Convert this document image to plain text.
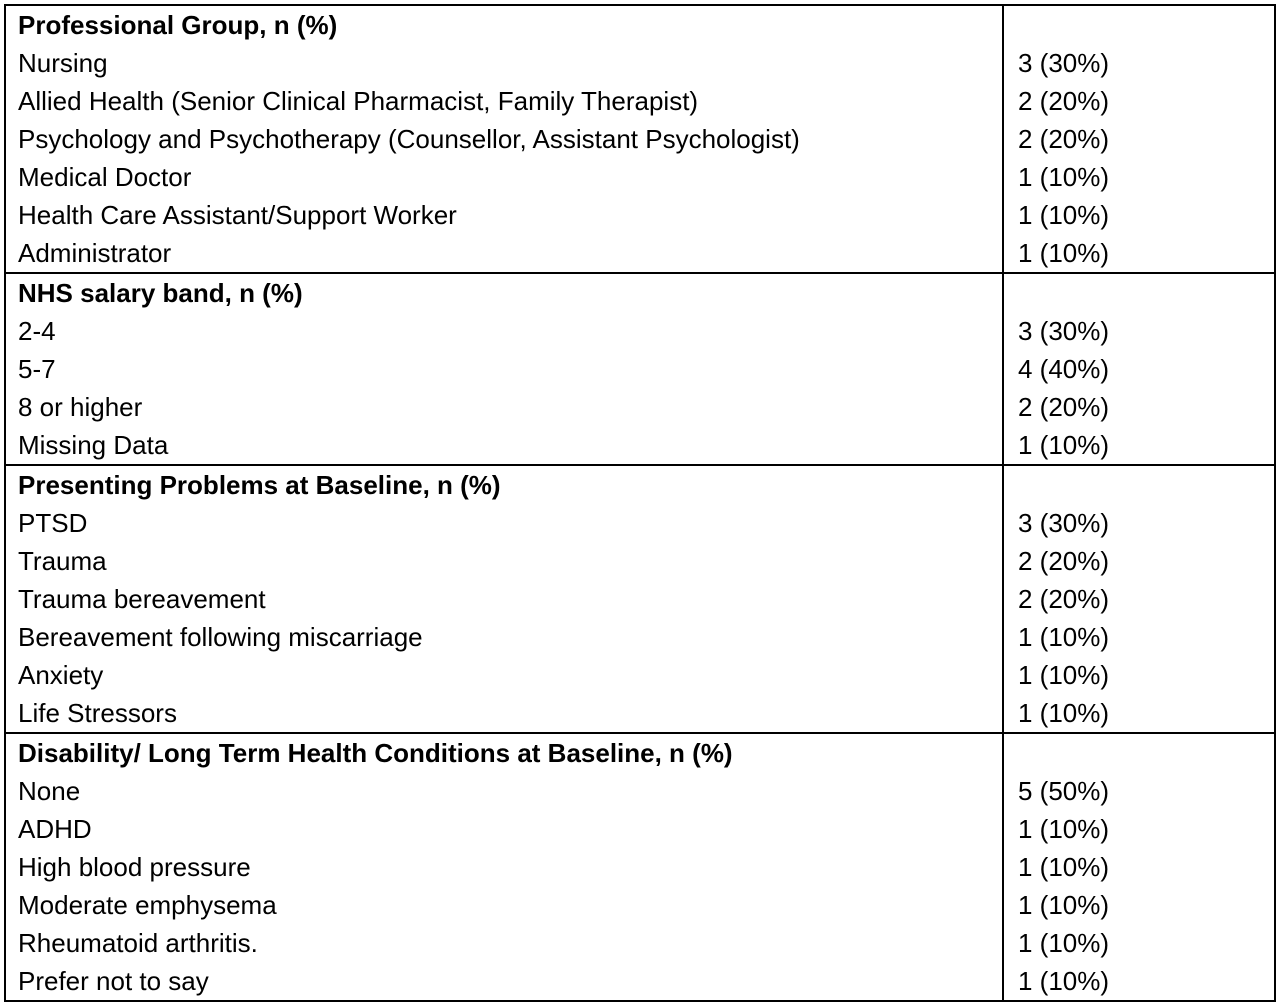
Professional Group, n (%)
Nursing	3 (30%)
Allied Health (Senior Clinical Pharmacist, Family Therapist)	2 (20%)
Psychology and Psychotherapy (Counsellor, Assistant Psychologist)	2 (20%)
Medical Doctor	1 (10%)
Health Care Assistant/Support Worker	1 (10%)
Administrator	1 (10%)
NHS salary band, n (%)
2-4	3 (30%)
5-7	4 (40%)
8 or higher	2 (20%)
Missing Data	1 (10%)
Presenting Problems at Baseline, n (%)
PTSD	3 (30%)
Trauma	2 (20%)
Trauma bereavement	2 (20%)
Bereavement following miscarriage	1 (10%)
Anxiety	1 (10%)
Life Stressors	1 (10%)
Disability/ Long Term Health Conditions at Baseline, n (%)
None	5 (50%)
ADHD	1 (10%)
High blood pressure	1 (10%)
Moderate emphysema	1 (10%)
Rheumatoid arthritis.	1 (10%)
Prefer not to say	1 (10%)
